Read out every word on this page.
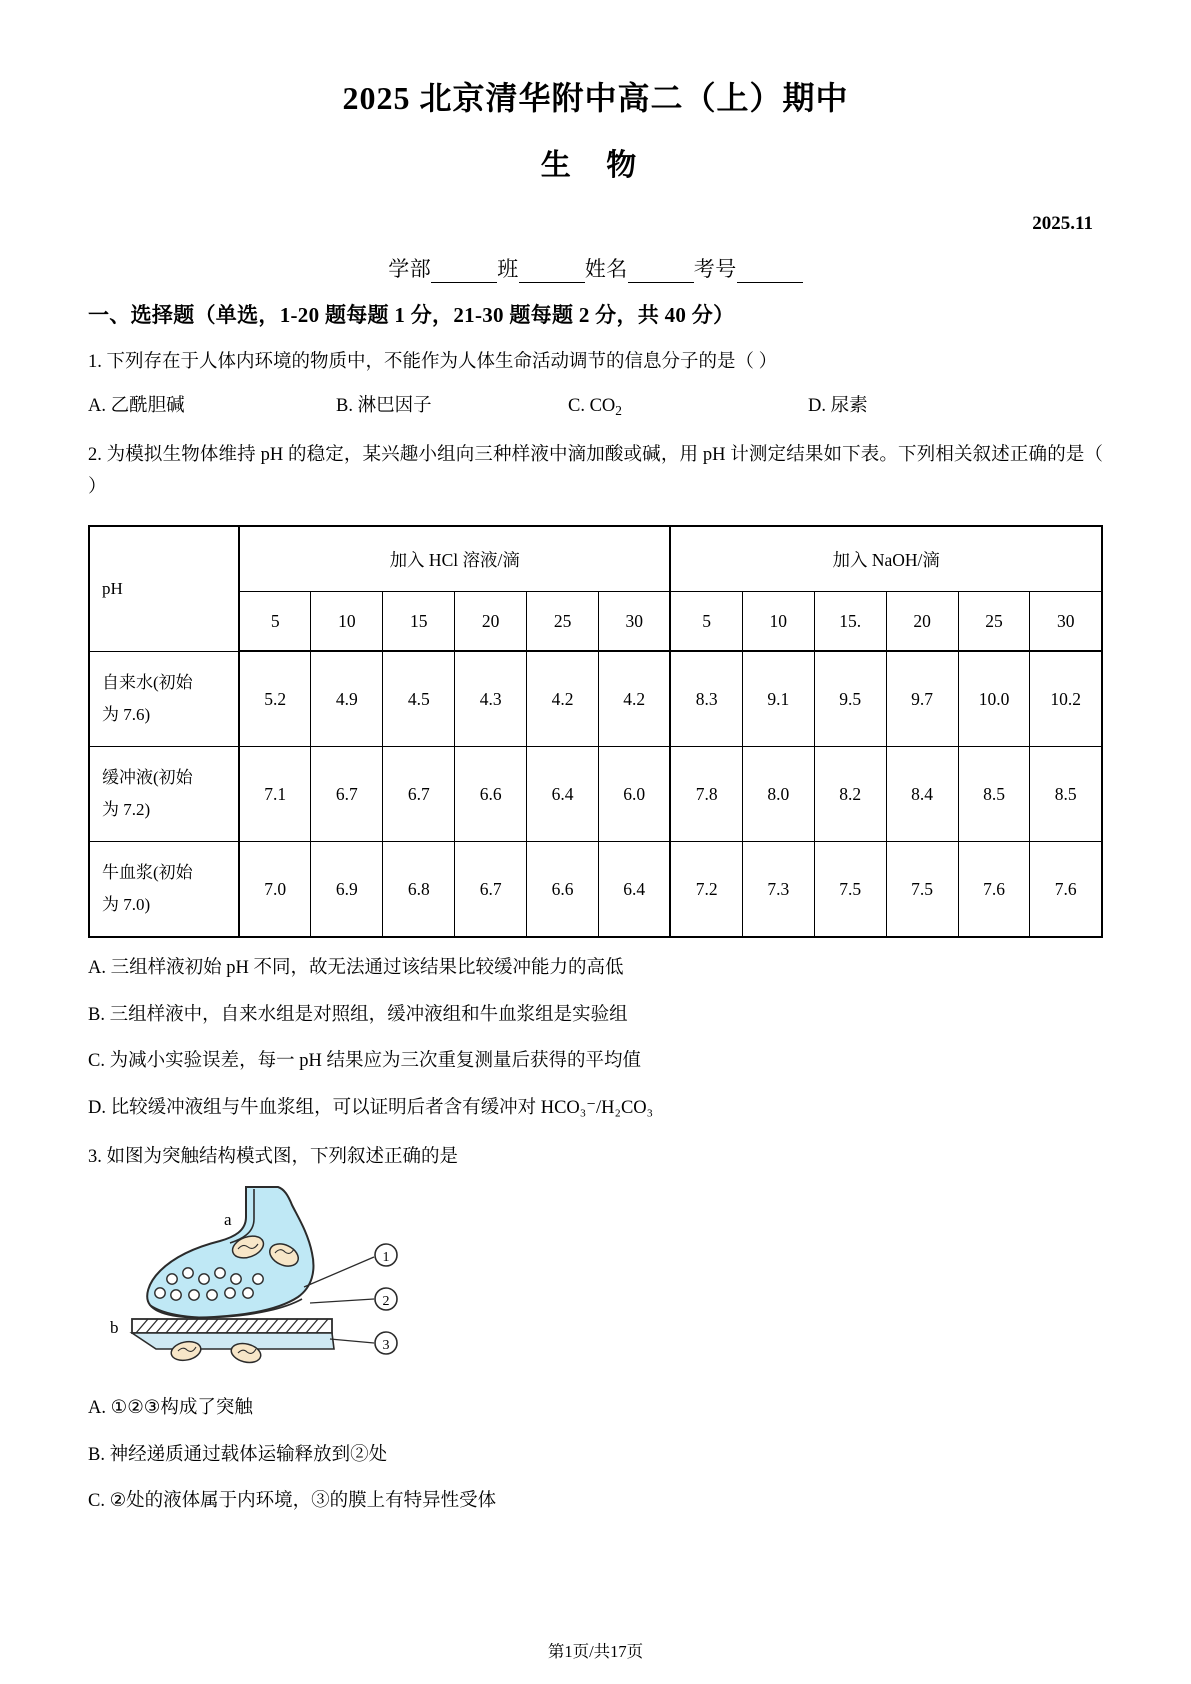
2025 北京清华附中高二（上）期中
生 物
2025.11
学部	班	姓名	考号
一、选择题（单选，1-20 题每题 1 分，21-30 题每题 2 分，共 40 分）
1. 下列存在于人体内环境的物质中，不能作为人体生命活动调节的信息分子的是（ ）
A. 乙酰胆碱	B. 淋巴因子	C. $CO_2$	D. 尿素
2. 为模拟生物体维持 pH 的稳定，某兴趣小组向三种样液中滴加酸或碱，用 pH 计测定结果如下表。下列相关叙述正确的是（ ）
pH	加入 HCl 溶液/滴						加入 NaOH/滴					
	5	10	15	20	25	30	5	10	15.	20	25	30

自来水(初始
为 7.6)	5.2	4.9	4.5	4.3	4.2	4.2	8.3	9.1	9.5	9.7	10.0	10.2

缓冲液(初始
为 7.2)	7.1	6.7	6.7	6.6	6.4	6.0	7.8	8.0	8.2	8.4	8.5	8.5

牛血浆(初始
为 7.0)	7.0	6.9	6.8	6.7	6.6	6.4	7.2	7.3	7.5	7.5	7.6	7.6
A. 三组样液初始 pH 不同，故无法通过该结果比较缓冲能力的高低
B. 三组样液中，自来水组是对照组，缓冲液组和牛血浆组是实验组
C. 为减小实验误差，每一 pH 结果应为三次重复测量后获得的平均值
D. 比较缓冲液组与牛血浆组，可以证明后者含有缓冲对 HCO₃⁻/H₂CO₃
3. 如图为突触结构模式图，下列叙述正确的是
1
2
3
a
b
A. ①②③构成了突触
B. 神经递质通过载体运输释放到②处
C. ②处的液体属于内环境，③的膜上有特异性受体
第1页/共17页
